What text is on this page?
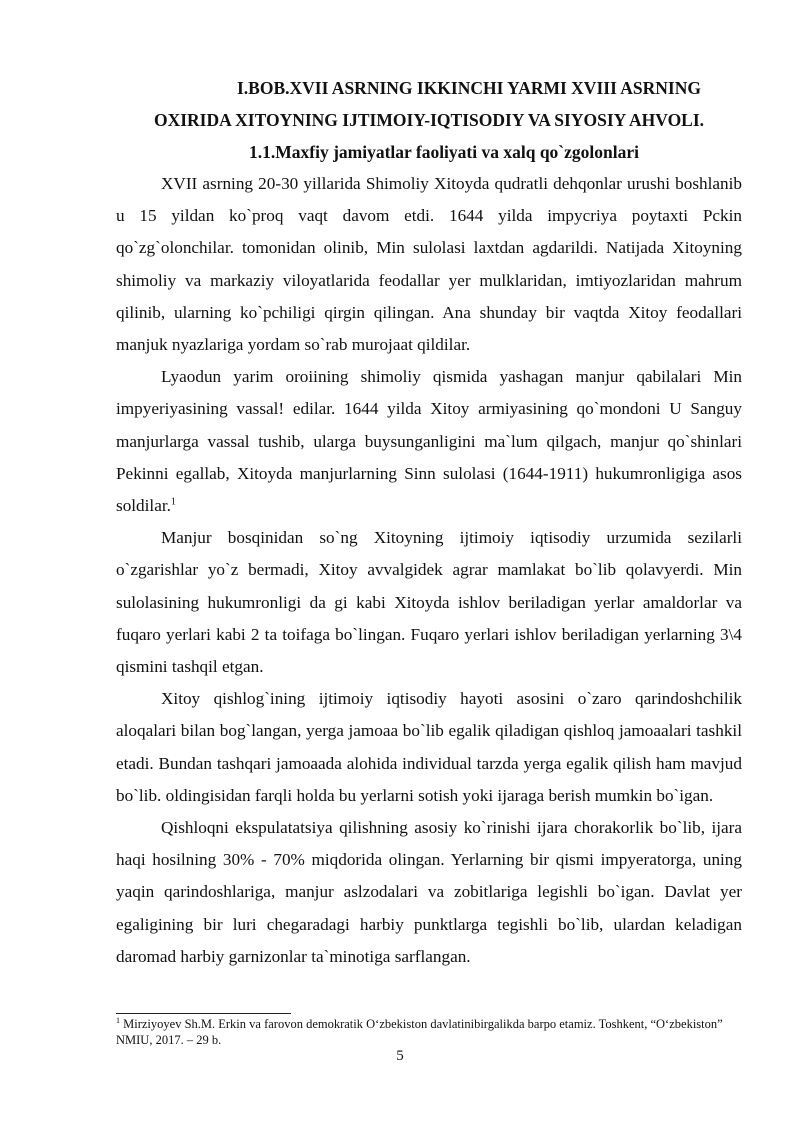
I.BOB.XVII ASRNING IKKINCHI YARMI XVIII ASRNING
OXIRIDA XITOYNING IJTIMOIY-IQTISODIY VA SIYOSIY AHVOLI.
1.1.Maxfiy jamiyatlar faoliyati va xalq qo`zgolonlari

XVII asrning 20-30 yillarida Shimoliy Xitoyda qudratli dehqonlar urushi boshlanib u 15 yildan ko`proq vaqt davom etdi. 1644 yilda impycriya poytaxti Pckin qo`zg`olonchilar. tomonidan olinib, Min sulolasi laxtdan agdarildi. Natijada Xitoyning shimoliy va markaziy viloyatlarida feodallar yer mulklaridan, imtiyozlaridan mahrum qilinib, ularning ko`pchiligi qirgin qilingan. Ana shunday bir vaqtda Xitoy feodallari manjuk nyazlariga yordam so`rab murojaat qildilar.

Lyaodun yarim oroiining shimoliy qismida yashagan manjur qabilalari Min impyeriyasining vassal! edilar. 1644 yilda Xitoy armiyasining qo`mondoni U Sanguy manjurlarga vassal tushib, ularga buysunganligini ma`lum qilgach, manjur qo`shinlari Pekinni egallab, Xitoyda manjurlarning Sinn sulolasi (1644-1911) hukumronligiga asos soldilar.$^1$

Manjur bosqinidan so`ng Xitoyning ijtimoiy iqtisodiy urzumida sezilarli o`zgarishlar yo`z bermadi, Xitoy avvalgidek agrar mamlakat bo`lib qolavyerdi. Min sulolasining hukumronligi da gi kabi Xitoyda ishlov beriladigan yerlar amaldorlar va fuqaro yerlari kabi 2 ta toifaga bo`lingan. Fuqaro yerlari ishlov beriladigan yerlarning 3\4 qismini tashqil etgan.

Xitoy qishlog`ining ijtimoiy iqtisodiy hayoti asosini o`zaro qarindoshchilik aloqalari bilan bog`langan, yerga jamoaa bo`lib egalik qiladigan qishloq jamoaalari tashkil etadi. Bundan tashqari jamoaada alohida individual tarzda yerga egalik qilish ham mavjud bo`lib. oldingisidan farqli holda bu yerlarni sotish yoki ijaraga berish mumkin bo`igan.

Qishloqni ekspulatatsiya qilishning asosiy ko`rinishi ijara chorakorlik bo`lib, ijara haqi hosilning 30% - 70% miqdorida olingan. Yerlarning bir qismi impyeratorga, uning yaqin qarindoshlariga, manjur aslzodalari va zobitlariga legishli bo`igan. Davlat yer egaligining bir luri chegaradagi harbiy punktlarga tegishli bo`lib, ulardan keladigan daromad harbiy garnizonlar ta`minotiga sarflangan.

$^1$ Mirziyoyev Sh.M. Erkin va farovon demokratik O‘zbekiston davlatinibirgalikda barpo etamiz. Toshkent, “O‘zbekiston” NMIU, 2017. – 29 b.

5
